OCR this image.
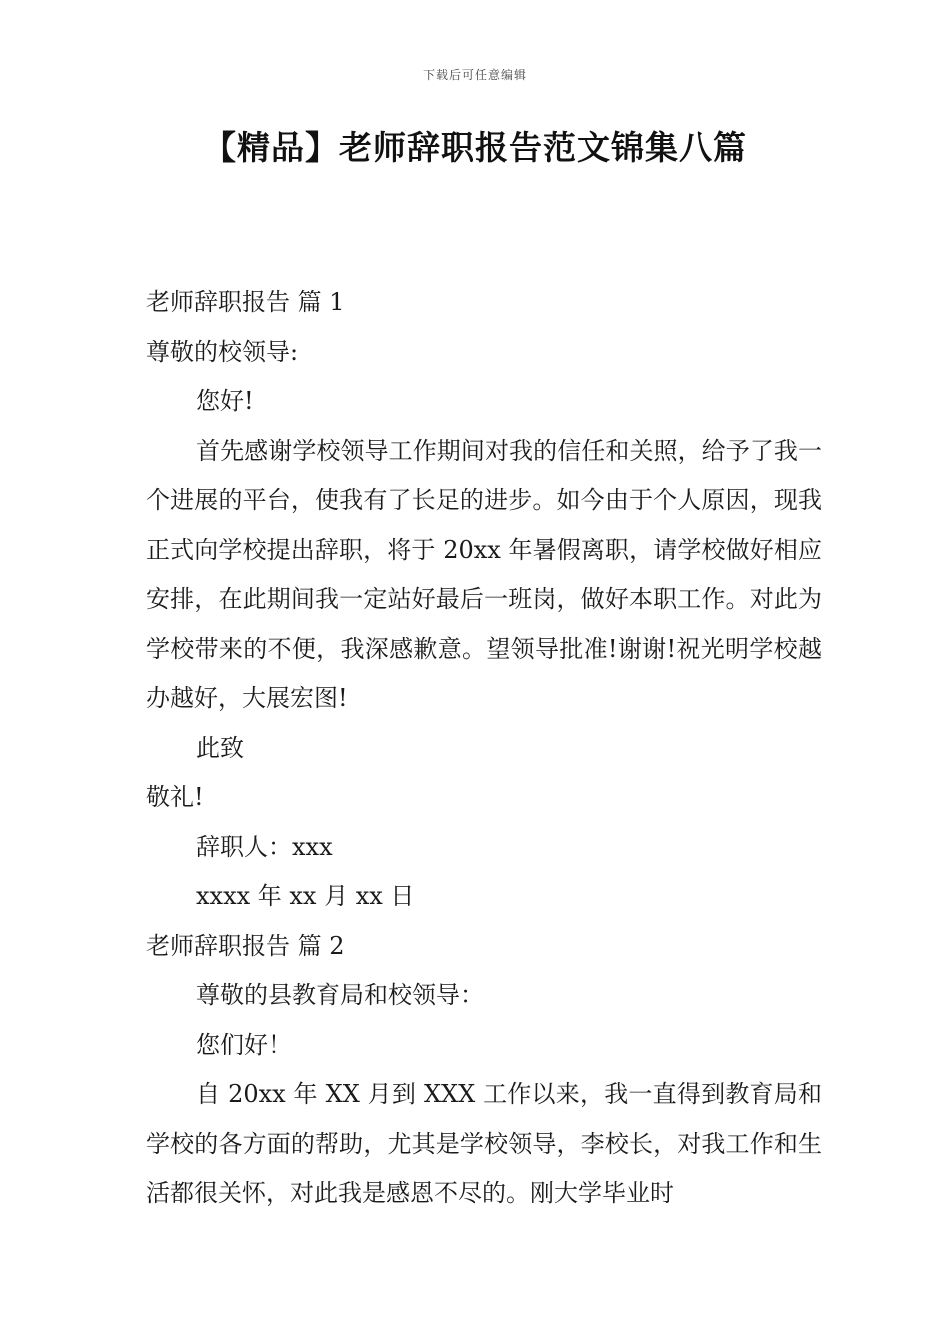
下载后可任意编辑
【精品】老师辞职报告范文锦集八篇

老师辞职报告 篇 1

尊敬的校领导:

您好!

首先感谢学校领导工作期间对我的信任和关照，给予了我一个进展的平台，使我有了长足的进步。如今由于个人原因，现我正式向学校提出辞职，将于 20xx 年暑假离职，请学校做好相应安排，在此期间我一定站好最后一班岗，做好本职工作。对此为学校带来的不便，我深感歉意。望领导批准!谢谢!祝光明学校越办越好，大展宏图!

此致

敬礼!

辞职人：xxx

xxxx 年 xx 月 xx 日

老师辞职报告 篇 2

尊敬的县教育局和校领导：

您们好！

自 20xx 年 XX 月到 XXX 工作以来，我一直得到教育局和学校的各方面的帮助，尤其是学校领导，李校长，对我工作和生活都很关怀，对此我是感恩不尽的。刚大学毕业时
